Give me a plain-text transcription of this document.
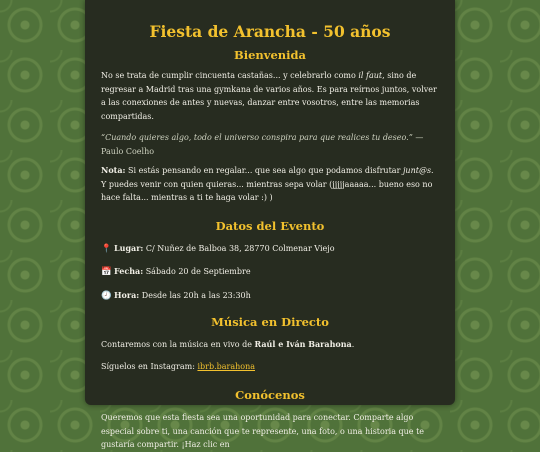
Fiesta de Arancha - 50 años
Bienvenida

No se trata de cumplir cincuenta castañas... y celebrarlo como il faut, sino de regresar a Madrid tras una gymkana de varios años. Es para reírnos juntos, volver a las conexiones de antes y nuevas, danzar entre vosotros, entre las memorias compartidas.

“Cuando quieres algo, todo el universo conspira para que realices tu deseo.” — Paulo Coelho

Nota: Si estás pensando en regalar... que sea algo que podamos disfrutar junt@s. Y puedes venir con quien quieras... mientras sepa volar (jjjjjaaaaa... bueno eso no hace falta... mientras a ti te haga volar :) )

Datos del Evento
📍 Lugar: C/ Nuñez de Balboa 38, 28770 Colmenar Viejo

📅 Fecha: Sábado 20 de Septiembre

🕗 Hora: Desde las 20h a las 23:30h

Música en Directo

Contaremos con la música en vivo de Raúl e Iván Barahona.

Síguelos en Instagram: ibrb.barahona

Conócenos

Queremos que esta fiesta sea una oportunidad para conectar. Comparte algo especial sobre ti, una canción que te represente, una foto, o una historia que te gustaría compartir. ¡Haz clic en
